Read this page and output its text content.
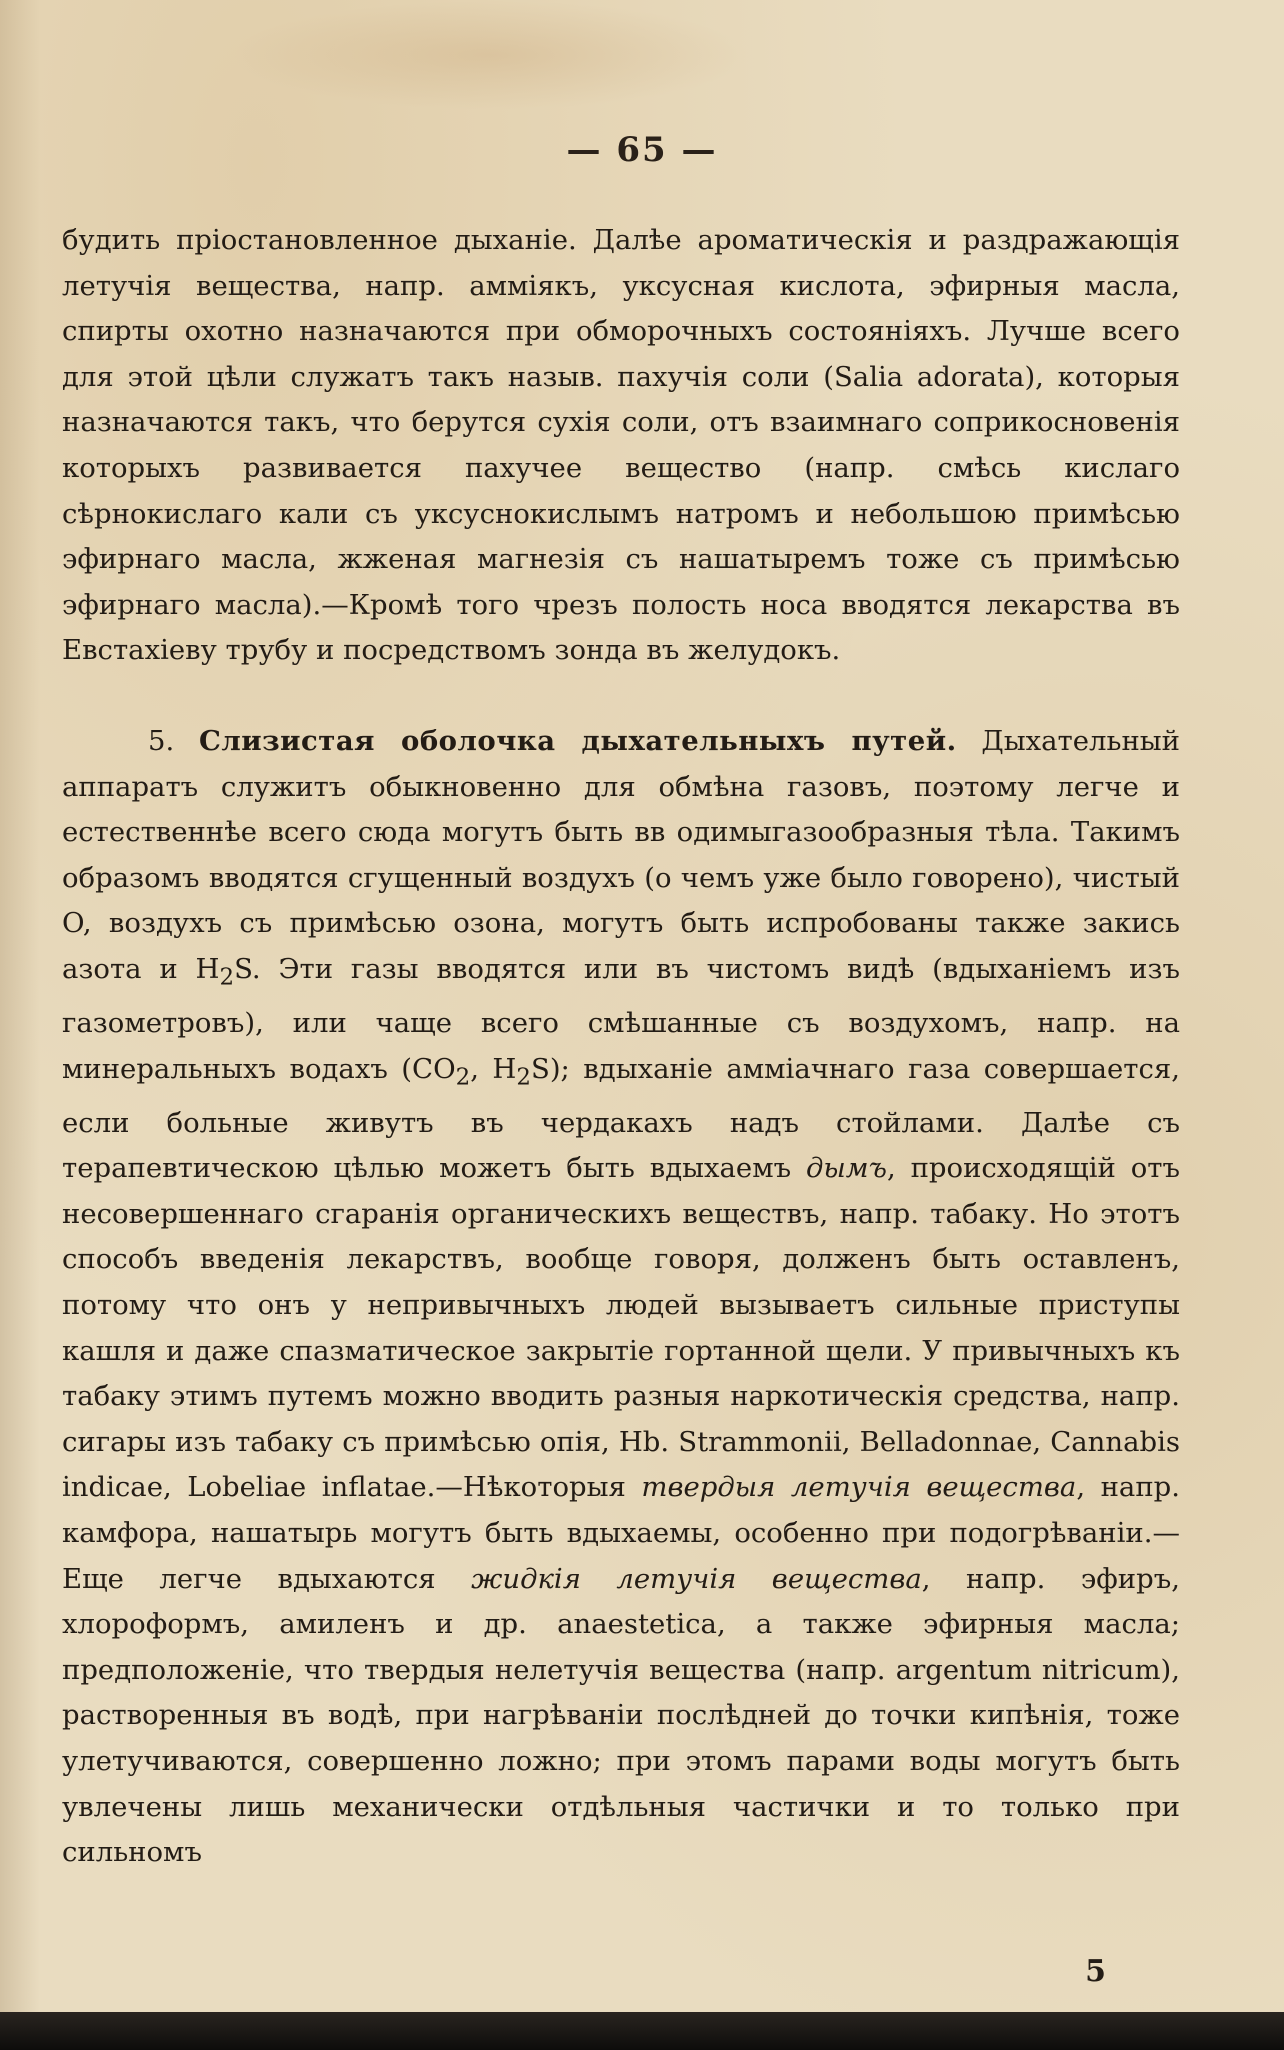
— 65 —

будить пріостановленное дыханіе. Далѣе ароматическія и раздражающія летучія вещества, напр. амміякъ, уксусная кислота, эфирныя масла, спирты охотно назначаются при обморочныхъ состояніяхъ. Лучше всего для этой цѣли служатъ такъ назыв. пахучія соли (Salia adorata), которыя назначаются такъ, что берутся сухія соли, отъ взаимнаго соприкосновенія которыхъ развивается пахучее вещество (напр. смѣсь кислаго сѣрнокислаго кали съ уксуснокислымъ натромъ и небольшою примѣсью эфирнаго масла, жженая магнезія съ нашатыремъ тоже съ примѣсью эфирнаго масла).—Кромѣ того чрезъ полость носа вводятся лекарства въ Евстахіеву трубу и посредствомъ зонда въ желудокъ.

5. Слизистая оболочка дыхательныхъ путей. Дыхательный аппаратъ служитъ обыкновенно для обмѣна газовъ, поэтому легче и естественнѣе всего сюда могутъ быть вв одимыгазообразныя тѣла. Такимъ образомъ вводятся сгущенный воздухъ (о чемъ уже было говорено), чистый O, воздухъ съ примѣсью озона, могутъ быть испробованы также закись азота и $H_2S$. Эти газы вводятся или въ чистомъ видѣ (вдыханіемъ изъ газометровъ), или чаще всего смѣшанные съ воздухомъ, напр. на минеральныхъ водахъ ($CO_2$, $H_2S$); вдыханіе аммiачнаго газа совершается, если больные живутъ въ чердакахъ надъ стойлами. Далѣе съ терапевтическою цѣлью можетъ быть вдыхаемъ дымъ, происходящій отъ несовершеннаго сгаранія органическихъ веществъ, напр. табаку. Но этотъ способъ введенія лекарствъ, вообще говоря, долженъ быть оставленъ, потому что онъ у непривычныхъ людей вызываетъ сильные приступы кашля и даже спазматическое закрытіе гортанной щели. У привычныхъ къ табаку этимъ путемъ можно вводить разныя наркотическія средства, напр. сигары изъ табаку съ примѣсью опія, Hb. Strammonii, Belladonnae, Cannabis indicae, Lobeliae inflatae.—Нѣкоторыя твердыя летучія вещества, напр. камфора, нашатырь могутъ быть вдыхаемы, особенно при подогрѣваніи.—Еще легче вдыхаются жидкія летучія вещества, напр. эфиръ, хлороформъ, амиленъ и др. anaestetica, а также эфирныя масла; предположеніе, что твердыя нелетучія вещества (напр. argentum nitricum), растворенныя въ водѣ, при нагрѣваніи послѣдней до точки кипѣнія, тоже улетучиваются, совершенно ложно; при этомъ парами воды могутъ быть увлечены лишь механически отдѣльныя частички и то только при сильномъ

5
